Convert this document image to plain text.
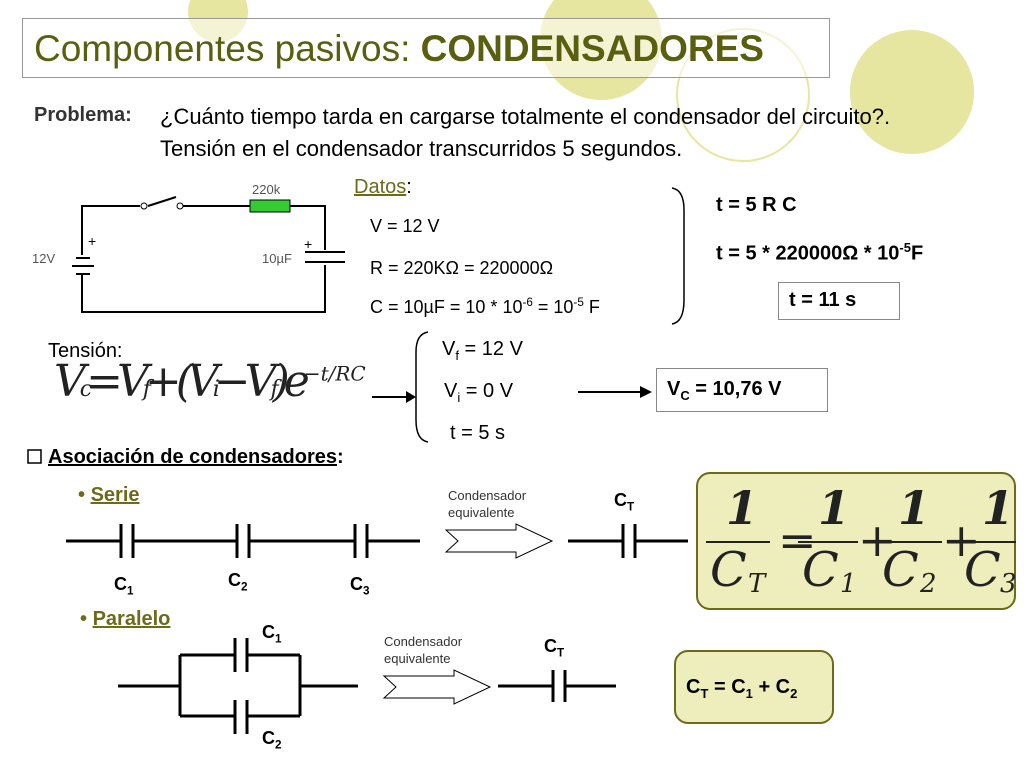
Componentes pasivos: CONDENSADORES
Problema: ¿Cuánto tiempo tarda en cargarse totalmente el condensador del circuito?.
Tensión en el condensador transcurridos 5 segundos.
220k
12V	10µF
+	+
Datos:
V = 12 V
R = 220KΩ = 220000Ω
$C = 10\mu F = 10 * 10^{-6} = 10^{-5}$ F
t = 5 R C
$t = 5 * 220000\Omega * 10^{-5}F$
t = 11 s
Tensión:
$Vc=Vf+(Vi-Vf)e^{-t/RC}$
$V_f = 12$ V
$V_i = 0$ V
t = 5 s
$V_C = 10,76$ V
Asociación de condensadores:
• Serie	Condensador
equivalente
$C_T$
$C_1$
$C_2$	$C_3$
1 1 1 1
C T C 1 C 2 C 3
= + +
• Paralelo
Condensador
equivalente
$C_T$
$C_1$
$C_2$
$C_T = C_1 + C_2$
